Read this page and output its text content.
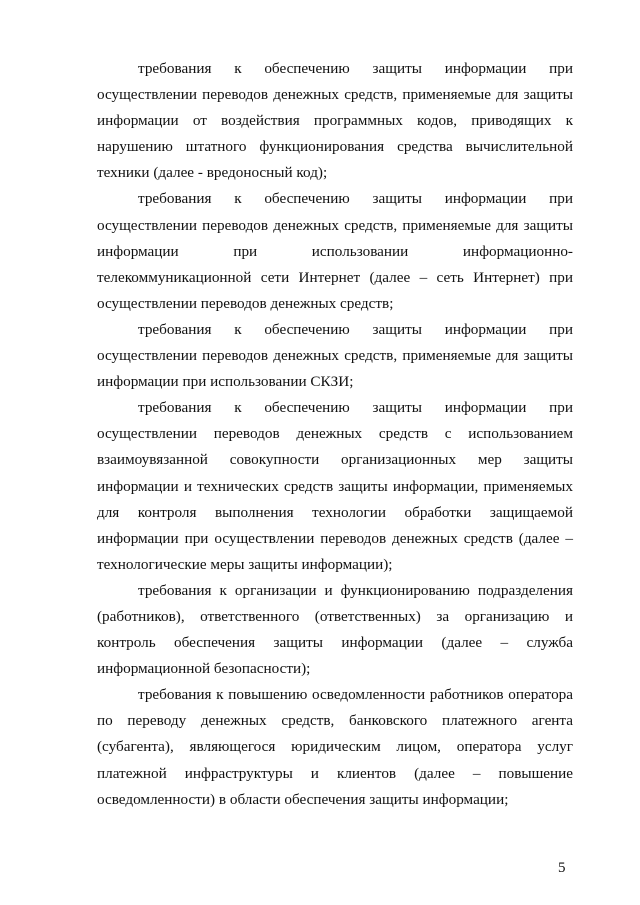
требования к обеспечению защиты информации при осуществлении переводов денежных средств, применяемые для защиты информации от воздействия программных кодов, приводящих к нарушению штатного функционирования средства вычислительной техники (далее - вредоносный код);

требования к обеспечению защиты информации при осуществлении переводов денежных средств, применяемые для защиты информации при использовании информационно-телекоммуникационной сети Интернет (далее – сеть Интернет) при осуществлении переводов денежных средств;

требования к обеспечению защиты информации при осуществлении переводов денежных средств, применяемые для защиты информации при использовании СКЗИ;

требования к обеспечению защиты информации при осуществлении переводов денежных средств с использованием взаимоувязанной совокупности организационных мер защиты информации и технических средств защиты информации, применяемых для контроля выполнения технологии обработки защищаемой информации при осуществлении переводов денежных средств (далее – технологические меры защиты информации);

требования к организации и функционированию подразделения (работников), ответственного (ответственных) за организацию и контроль обеспечения защиты информации (далее – служба информационной безопасности);

требования к повышению осведомленности работников оператора по переводу денежных средств, банковского платежного агента (субагента), являющегося юридическим лицом, оператора услуг платежной инфраструктуры и клиентов (далее – повышение осведомленности) в области обеспечения защиты информации;

5
